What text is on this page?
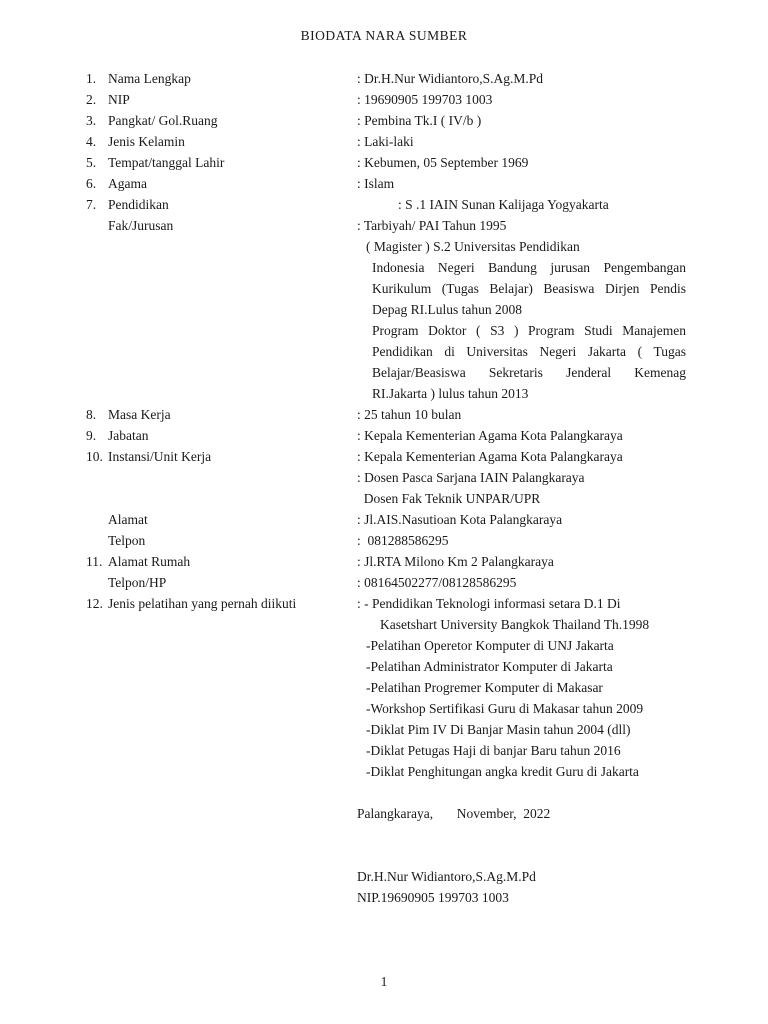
BIODATA NARA SUMBER
1. Nama Lengkap	: Dr.H.Nur Widiantoro,S.Ag.M.Pd
2. NIP	: 19690905 199703 1003
3. Pangkat/ Gol.Ruang	: Pembina Tk.I ( IV/b )
4. Jenis Kelamin	: Laki-laki
5. Tempat/tanggal Lahir	: Kebumen, 05 September 1969
6. Agama	: Islam
7. Pendidikan	: S .1 IAIN Sunan Kalijaga Yogyakarta
Fak/Jurusan	: Tarbiyah/ PAI Tahun 1995
( Magister ) S.2 Universitas Pendidikan
Indonesia Negeri Bandung jurusan Pengembangan
Kurikulum (Tugas Belajar) Beasiswa Dirjen Pendis
Depag RI.Lulus tahun 2008
Program Doktor ( S3 ) Program Studi Manajemen
Pendidikan di Universitas Negeri Jakarta ( Tugas
Belajar/Beasiswa Sekretaris Jenderal Kemenag
RI.Jakarta ) lulus tahun 2013
8. Masa Kerja	: 25 tahun 10 bulan
9. Jabatan	: Kepala Kementerian Agama Kota Palangkaraya
10. Instansi/Unit Kerja	: Kepala Kementerian Agama Kota Palangkaraya
: Dosen Pasca Sarjana IAIN Palangkaraya
Dosen Fak Teknik UNPAR/UPR
Alamat	: Jl.AIS.Nasutioan Kota Palangkaraya
Telpon	:  081288586295
11. Alamat Rumah	: Jl.RTA Milono Km 2 Palangkaraya
Telpon/HP	: 08164502277/08128586295
12. Jenis pelatihan yang pernah diikuti	: - Pendidikan Teknologi informasi setara D.1 Di
Kasetshart University Bangkok Thailand Th.1998
-Pelatihan Operetor Komputer di UNJ Jakarta
-Pelatihan Administrator Komputer di Jakarta
-Pelatihan Progremer Komputer di Makasar
-Workshop Sertifikasi Guru di Makasar tahun 2009
-Diklat Pim IV Di Banjar Masin tahun 2004 (dll)
-Diklat Petugas Haji di banjar Baru tahun 2016
-Diklat Penghitungan angka kredit Guru di Jakarta
Palangkaraya,       November,  2022
Dr.H.Nur Widiantoro,S.Ag.M.Pd
NIP.19690905 199703 1003
1
